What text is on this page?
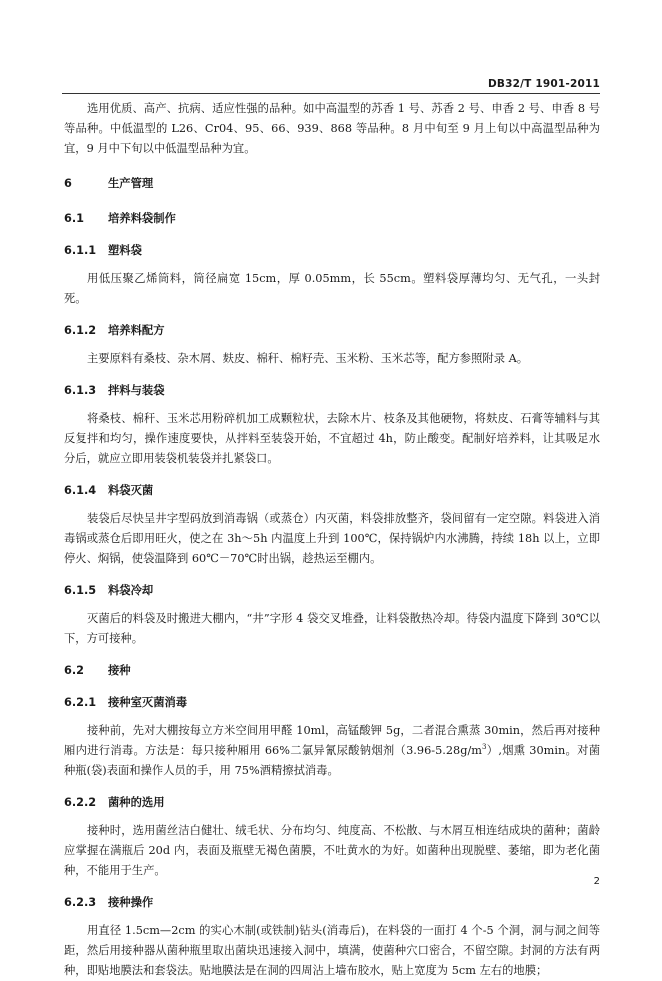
DB32/T 1901-2011

选用优质、高产、抗病、适应性强的品种。如中高温型的苏香 1 号、苏香 2 号、申香 2 号、申香 8 号等品种。中低温型的 L26、Cr04、95、66、939、868 等品种。8 月中旬至 9 月上旬以中高温型品种为宜，9 月中下旬以中低温型品种为宜。

6	生产管理
6.1 培养料袋制作
6.1.1 塑料袋

用低压聚乙烯筒料，筒径扁宽 15cm，厚 0.05mm，长 55cm。塑料袋厚薄均匀、无气孔，一头封死。

6.1.2 培养料配方

主要原料有桑枝、杂木屑、麸皮、棉秆、棉籽壳、玉米粉、玉米芯等，配方参照附录 A。

6.1.3 拌料与装袋

将桑枝、棉秆、玉米芯用粉碎机加工成颗粒状，去除木片、枝条及其他硬物，将麸皮、石膏等辅料与其反复拌和均匀，操作速度要快，从拌料至装袋开始，不宜超过 4h，防止酸变。配制好培养料，让其吸足水分后，就应立即用装袋机装袋并扎紧袋口。

6.1.4 料袋灭菌

装袋后尽快呈井字型码放到消毒锅（或蒸仓）内灭菌，料袋排放整齐，袋间留有一定空隙。料袋进入消毒锅或蒸仓后即用旺火，使之在 3h～5h 内温度上升到 100℃，保持锅炉内水沸腾，持续 18h 以上，立即停火、焖锅，使袋温降到 60℃－70℃时出锅，趁热运至棚内。

6.1.5 料袋冷却

灭菌后的料袋及时搬进大棚内，“井”字形 4 袋交叉堆叠，让料袋散热冷却。待袋内温度下降到 30℃以下，方可接种。

6.2 接种
6.2.1 接种室灭菌消毒

接种前，先对大棚按每立方米空间用甲醛 10ml，高锰酸钾 5g，二者混合熏蒸 30min，然后再对接种厢内进行消毒。方法是：每只接种厢用 66%二氯异氰尿酸钠烟剂$(3.96-5.28g/m^3)$,烟熏 30min。对菌种瓶(袋)表面和操作人员的手，用 75%酒精擦拭消毒。

6.2.2 菌种的选用

接种时，选用菌丝洁白健壮、绒毛状、分布均匀、纯度高、不松散、与木屑互相连结成块的菌种；菌龄应掌握在满瓶后 20d 内，表面及瓶壁无褐色菌膜，不吐黄水的为好。如菌种出现脱壁、萎缩，即为老化菌种，不能用于生产。

6.2.3 接种操作

用直径 1.5cm—2cm 的实心木制(或铁制)钻头(消毒后)，在料袋的一面打 4 个-5 个洞，洞与洞之间等距，然后用接种器从菌种瓶里取出菌块迅速接入洞中，填满，使菌种穴口密合，不留空隙。封洞的方法有两种，即贴地膜法和套袋法。贴地膜法是在洞的四周沾上墙布胶水，贴上宽度为 5cm 左右的地膜；

2
